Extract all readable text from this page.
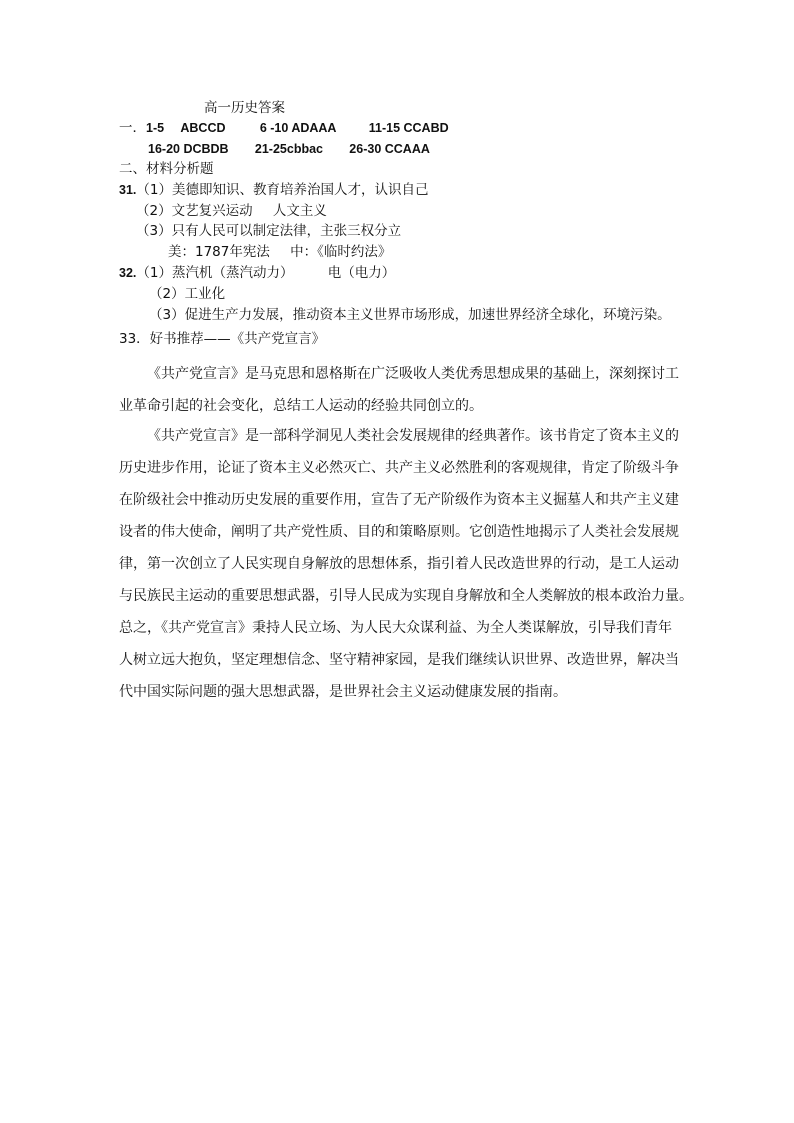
高一历史答案
一．1-5 ABCCD	6 -10 ADAAA	11-15 CCABD
16-20 DCBDB 21-25cbbac 26-30 CCAAA
二、材料分析题
31.（1）美德即知识、教育培养治国人才，认识自己
（2）文艺复兴运动 人文主义
（3）只有人民可以制定法律，主张三权分立
美：1787年宪法 中：《临时约法》
32.（1）蒸汽机（蒸汽动力）	电（电力）
（2）工业化
（3）促进生产力发展，推动资本主义世界市场形成，加速世界经济全球化，环境污染。
33．好书推荐——《共产党宣言》
《共产党宣言》是马克思和恩格斯在广泛吸收人类优秀思想成果的基础上，深刻探讨工
业革命引起的社会变化，总结工人运动的经验共同创立的。
《共产党宣言》是一部科学洞见人类社会发展规律的经典著作。该书肯定了资本主义的
历史进步作用，论证了资本主义必然灭亡、共产主义必然胜利的客观规律，肯定了阶级斗争
在阶级社会中推动历史发展的重要作用，宣告了无产阶级作为资本主义掘墓人和共产主义建
设者的伟大使命，阐明了共产党性质、目的和策略原则。它创造性地揭示了人类社会发展规
律，第一次创立了人民实现自身解放的思想体系，指引着人民改造世界的行动，是工人运动
与民族民主运动的重要思想武器，引导人民成为实现自身解放和全人类解放的根本政治力量。
总之，《共产党宣言》秉持人民立场、为人民大众谋利益、为全人类谋解放，引导我们青年
人树立远大抱负，坚定理想信念、坚守精神家园，是我们继续认识世界、改造世界，解决当
代中国实际问题的强大思想武器，是世界社会主义运动健康发展的指南。
